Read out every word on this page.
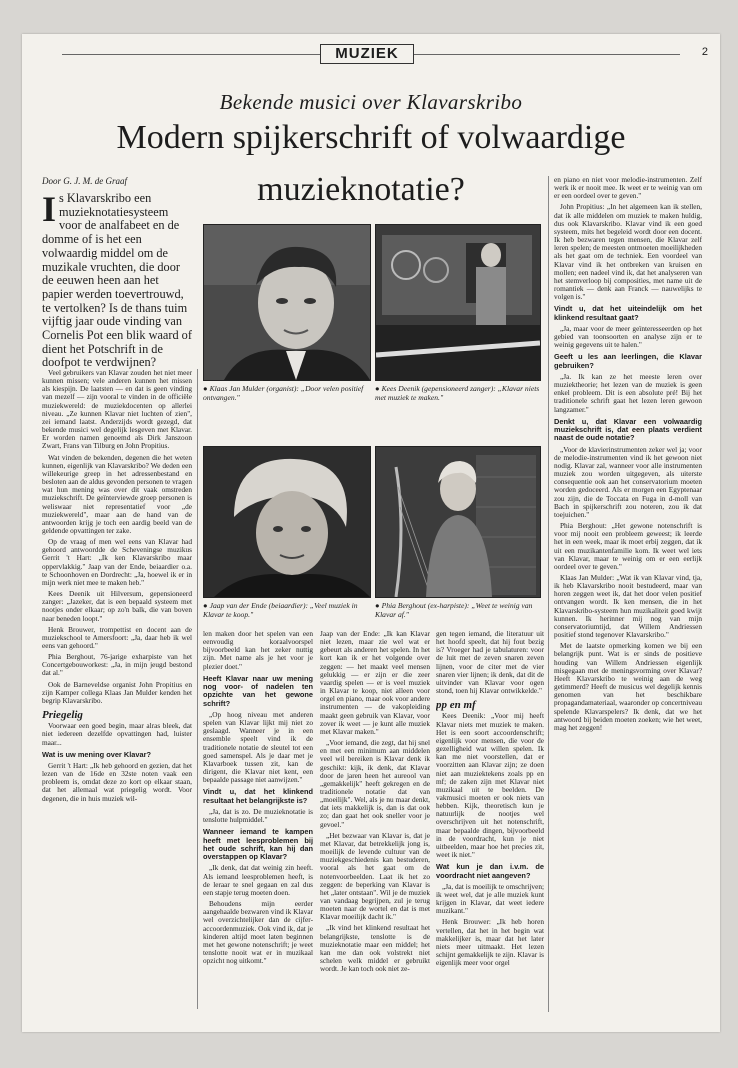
MUZIEK	2
Bekende musici over Klavarskribo
Modern spijkerschrift of volwaardige
muzieknotatie?
Door G. J. M. de Graaf
I s Klavarskribo een muzieknotatiesysteem voor de analfabeet en de domme of is het een volwaardig middel om de muzikale vruchten, die door de eeuwen heen aan het papier werden toevertrouwd, te vertolken? Is de thans tuim vijftig jaar oude vinding van Cornelis Pot een blik waard of dient het Potschrift in de doofpot te verdwijnen?

Veel gebruikers van Klavar zouden het niet meer kunnen missen; vele anderen kunnen het missen als kiespijn. De laatsten — en dat is geen vinding van mezelf — zijn vooral te vinden in de officiële muziekwereld: de muziekdocenten op allerlei niveau. „Ze kunnen Klavar niet luchten of zien", zei iemand laatst. Anderzijds wordt gezegd, dat bekende musici wel degelijk lesgeven met Klavar. Er worden namen genoemd als Dirk Janszoon Zwart, Frans van Tilburg en John Propitius.

Wat vinden de bekenden, degenen die het weten kunnen, eigenlijk van Klavarskribo? We deden een willekeurige greep in het adressenbestand en besloten aan de aldus gevonden personen te vragen wat hun mening was over dit vaak omstreden muziekschrift. De geïnterviewde groep personen is weliswaar niet representatief voor „de muziekwereld", maar aan de hand van de antwoorden krijg je toch een aardig beeld van de geldende opvattingen ter zake.

Op de vraag of men wel eens van Klavar had gehoord antwoordde de Scheveningse muzikus Gerrit 't Hart: „Ik ken Klavarskribo maar oppervlakkig." Jaap van der Ende, beiaardier o.a. te Schoonhoven en Dordrecht: „Ja, hoewel ik er in mijn werk niet mee te maken heb."

Kees Deenik uit Hilversum, gepensioneerd zanger: „Jazeker, dat is een bepaald systeem met nootjes onder elkaar; op zo'n balk, die van boven naar beneden loopt."

Henk Brouwer, trompettist en docent aan de muziekschool te Amersfoort: „Ja, daar heb ik wel eens van gehoord."

Phia Berghout, 76-jarige exharpiste van het Concertgebouworkest: „Ja, in mijn jeugd bestond dat al."

Ook de Barneveldse organist John Propitius en zijn Kamper collega Klaas Jan Mulder kenden het begrip Klavarskribo.

Priegelig

Voorwaar een goed begin, maar alras bleek, dat niet iedereen dezelfde opvattingen had, luister maar...

Wat is uw mening over Klavar?

Gerrit 't Hart: „Ik heb gehoord en gezien, dat het lezen van de 16de en 32ste noten vaak een probleem is, omdat deze zo kort op elkaar staan, dat het allemaal wat priegelig wordt. Voor degenen, die in huis muziek wil-

● Klaas Jan Mulder (organist): „Door velen positief ontvangen."
● Kees Deenik (gepensioneerd zanger): „Klavar niets met muziek te maken."
● Jaap van der Ende (beiaardier): „Veel muziek in Klavar te koop."
● Phia Berghout (ex-harpiste): „Weet te weinig van Klavar af."

len maken door het spelen van een eenvoudig koraalvoorspel bijvoorbeeld kan het zeker nuttig zijn. Met name als je het voor je plezier doet."

Heeft Klavar naar uw mening nog voor- of nadelen ten opzichte van het gewone schrift?

„Op hoog niveau met anderen spelen van Klavar lijkt mij niet zo geslaagd. Wanneer je in een ensemble speelt vind ik de traditionele notatie de sleutel tot een goed samenspel. Als je daar met je Klavarboek tussen zit, kan de dirigent, die Klavar niet kent, een bepaalde passage niet aanwijzen."

Vindt u, dat het klinkend resultaat het belangrijkste is?

„Ja, dat is zo. De muzieknotatie is tenslotte hulpmiddel."

Wanneer iemand te kampen heeft met leesproblemen bij het oude schrift, kan hij dan overstappen op Klavar?

„Ik denk, dat dat weinig zin heeft. Als iemand leesproblemen heeft, is de leraar te snel gegaan en zal dus een stapje terug moeten doen.

Behoudens mijn eerder aangehaalde bezwaren vind ik Klavar wel overzichtelijker dan de cijfer-accoordenmuziek. Ook vind ik, dat je kinderen altijd moet laten beginnen met het gewone notenschrift; je weet tenslotte nooit wat er in muzikaal opzicht nog uitkomt."

Jaap van der Ende: „Ik kan Klavar niet lezen, maar zie wel wat er gebeurt als anderen het spelen. In het kort kan ik er het volgende over zeggen: — het maakt veel mensen gelukkig — er zijn er die zeer vaardig spelen — er is veel muziek in Klavar te koop, niet alleen voor orgel en piano, maar ook voor andere instrumenten — de vakopleiding maakt geen gebruik van Klavar, voor zover ik weet — je kunt alle muziek met Klavar maken."

„Voor iemand, die zegt, dat hij snel en met een minimum aan middelen veel wil bereiken is Klavar denk ik geschikt: kijk, ik denk, dat Klavar door de jaren heen het aureool van „gemakkelijk" heeft gekregen en de traditionele notatie dat van „moeilijk". Wel, als je nu maar denkt, dat iets makkelijk is, dan is dat ook zo; dan gaat het ook sneller voor je gevoel."

„Het bezwaar van Klavar is, dat je met Klavar, dat betrekkelijk jong is, moeilijk de levende cultuur van de muziekgeschiedenis kan bestuderen, vooral als het gaat om de notenvoorbeelden. Laat ik het zo zeggen: de beperking van Klavar is het „later ontstaan". Wil je de muziek van vandaag begrijpen, zul je terug moeten naar de wortel en dat is met Klavar moeilijk dacht ik."

„Ik vind het klinkend resultaat het belangrijkste, tenslotte is de muzieknotatie maar een middel; het kan me dan ook volstrekt niet schelen welk middel er gebruikt wordt. Je kan toch ook niet ze-

gen tegen iemand, die literatuur uit het hoofd speelt, dat hij fout bezig is? Vroeger had je tabulaturen: voor de luit met de zeven snaren zeven lijnen, voor de citer met de vier snaren vier lijnen; ik denk, dat dit de uitvinder van Klavar voor ogen stond, toen hij Klavar ontwikkelde."

pp en mf

Kees Deenik: „Voor mij heeft Klavar niets met muziek te maken. Het is een soort accoordenschrift; eigenlijk voor mensen, die voor de gezelligheid wat willen spelen. Ik kan me niet voorstellen, dat er voorzitten aan Klavar zijn; ze doen niet aan muziektekens zoals pp en mf; de zaken zijn met Klavar niet muzikaal uit te beelden. De vakmusici moeten er ook niets van hebben. Kijk, theoretisch kun je natuurlijk de nootjes wel overschrijven uit het notenschrift, maar bepaalde dingen, bijvoorbeeld in de voordracht, kun je niet uitbeelden, maar hoe het precies zit, weet ik niet."

Wat kun je dan i.v.m. de voordracht niet aangeven?

„Ja, dat is moeilijk te omschrijven; ik weet wel, dat je alle muziek kunt krijgen in Klavar, dat weet iedere muzikant."

Henk Brouwer: „Ik heb horen vertellen, dat het in het begin wat makkelijker is, maar dat het later niets meer uitmaakt. Het lezen schijnt gemakkelijk te zijn. Klavar is eigenlijk meer voor orgel

en piano en niet voor melodie-instrumenten. Zelf werk ik er nooit mee. Ik weet er te weinig van om er een oordeel over te geven."

John Propitius: „In het algemeen kan ik stellen, dat ik alle middelen om muziek te maken huldig, dus ook Klavarskribo. Klavar vind ik een goed systeem, mits het begeleid wordt door een docent. Ik heb bezwaren tegen mensen, die Klavar zelf leren spelen; de meesten ontmoeten moeilijkheden als het gaat om de techniek. Een voordeel van Klavar vind ik het ontbreken van kruisen en mollen; een nadeel vind ik, dat het analyseren van het stemverloop bij composities, met name uit de romantiek — denk aan Franck — nauwelijks te volgen is."

Vindt u, dat het uiteindelijk om het klinkend resultaat gaat?

„Ja, maar voor de meer geïnteresseerden op het gebied van toonsoorten en analyse zijn er te weinig gegevens uit te halen."

Geeft u les aan leerlingen, die Klavar gebruiken?

„Ja. Ik kan ze het meeste leren over muziektheorie; het lezen van de muziek is geen enkel probleem. Dit is een absolute pré! Bij het traditionele schrift gaat het lezen leren gewoon langzamer."

Denkt u, dat Klavar een volwaardig muziekschrift is, dat een plaats verdient naast de oude notatie?

„Voor de klavierinstrumenten zeker wel ja; voor de melodie-instrumenten vind ik het gewoon niet nodig. Klavar zal, wanneer voor alle instrumenten muziek zou worden uitgegeven, als uiterste consequentie ook aan het conservatorium moeten worden gedoceerd. Als er morgen een Egyptenaar zou zijn, die de Toccata en Fuga in d-moll van Bach in spijkerschrift zou noteren, zou ik dat toejuichen."

Phia Berghout: „Het gewone notenschrift is voor mij nooit een probleem geweest; ik leerde het in een week, maar ik moet erbij zeggen, dat ik uit een muzikantenfamilie kom. Ik weet wel iets van Klavar, maar te weinig om er een eerlijk oordeel over te geven."

Klaas Jan Mulder: „Wat ik van Klavar vind, tja, ik heb Klavarskribo nooit bestudeerd, maar van horen zeggen weet ik, dat het door velen positief ontvangen wordt. Ik ken mensen, die in het Klavarskribo-systeem hun muzikaliteit goed kwijt kunnen. Ik herinner mij nog van mijn conservatoriumtijd, dat Willem Andriessen positief stond tegenover Klavarskribo."

Met de laatste opmerking komen we bij een belangrijk punt. Wat is er sinds de positieve houding van Willem Andriessen eigenlijk misgegaan met de meningsvorming over Klavar? Heeft Klavarskribo te weinig aan de weg getimmerd? Heeft de musicus wel degelijk kennis genomen van het beschikbare propagandamateriaal, waaronder op concertniveau spelende Klavarspelers? Ik denk, dat we het antwoord bij beiden moeten zoeken; wie het weet, mag het zeggen!
